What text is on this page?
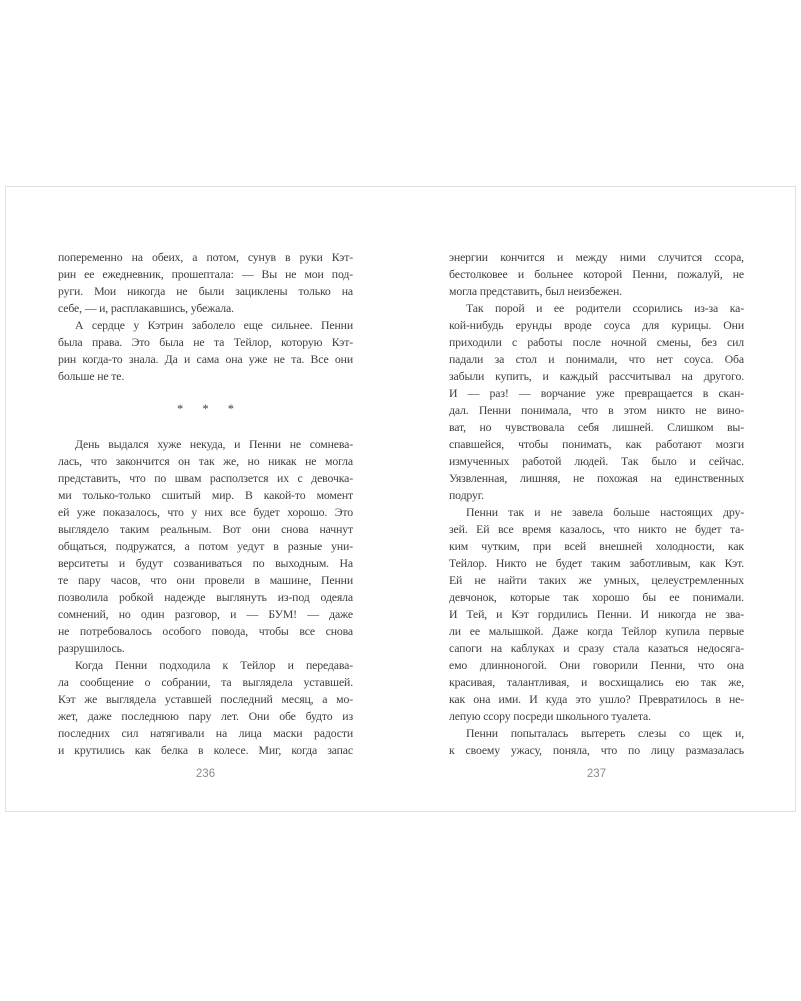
попеременно на обеих, а потом, сунув в руки Кэт-
рин ее ежедневник, прошептала: — Вы не мои под-
руги. Мои никогда не были зациклены только на
себе, — и, расплакавшись, убежала.
А сердце у Кэтрин заболело еще сильнее. Пенни
была права. Это была не та Тейлор, которую Кэт-
рин когда-то знала. Да и сама она уже не та. Все они
больше не те.
* * *
День выдался хуже некуда, и Пенни не сомнева-
лась, что закончится он так же, но никак не могла
представить, что по швам расползется их с девочка-
ми только-только сшитый мир. В какой-то момент
ей уже показалось, что у них все будет хорошо. Это
выглядело таким реальным. Вот они снова начнут
общаться, подружатся, а потом уедут в разные уни-
верситеты и будут созваниваться по выходным. На
те пару часов, что они провели в машине, Пенни
позволила робкой надежде выглянуть из-под одеяла
сомнений, но один разговор, и — БУМ! — даже
не потребовалось особого повода, чтобы все снова
разрушилось.
Когда Пенни подходила к Тейлор и передава-
ла сообщение о собрании, та выглядела уставшей.
Кэт же выглядела уставшей последний месяц, а мо-
жет, даже последнюю пару лет. Они обе будто из
последних сил натягивали на лица маски радости
и крутились как белка в колесе. Миг, когда запас
236
энергии кончится и между ними случится ссора,
бестолковее и больнее которой Пенни, пожалуй, не
могла представить, был неизбежен.
Так порой и ее родители ссорились из-за ка-
кой-нибудь ерунды вроде соуса для курицы. Они
приходили с работы после ночной смены, без сил
падали за стол и понимали, что нет соуса. Оба
забыли купить, и каждый рассчитывал на другого.
И — раз! — ворчание уже превращается в скан-
дал. Пенни понимала, что в этом никто не вино-
ват, но чувствовала себя лишней. Слишком вы-
спавшейся, чтобы понимать, как работают мозги
измученных работой людей. Так было и сейчас.
Уязвленная, лишняя, не похожая на единственных
подруг.
Пенни так и не завела больше настоящих дру-
зей. Ей все время казалось, что никто не будет та-
ким чутким, при всей внешней холодности, как
Тейлор. Никто не будет таким заботливым, как Кэт.
Ей не найти таких же умных, целеустремленных
девчонок, которые так хорошо бы ее понимали.
И Тей, и Кэт гордились Пенни. И никогда не зва-
ли ее малышкой. Даже когда Тейлор купила первые
сапоги на каблуках и сразу стала казаться недосяга-
емо длинноногой. Они говорили Пенни, что она
красивая, талантливая, и восхищались ею так же,
как она ими. И куда это ушло? Превратилось в не-
лепую ссору посреди школьного туалета.
Пенни попыталась вытереть слезы со щек и,
к своему ужасу, поняла, что по лицу размазалась
237
